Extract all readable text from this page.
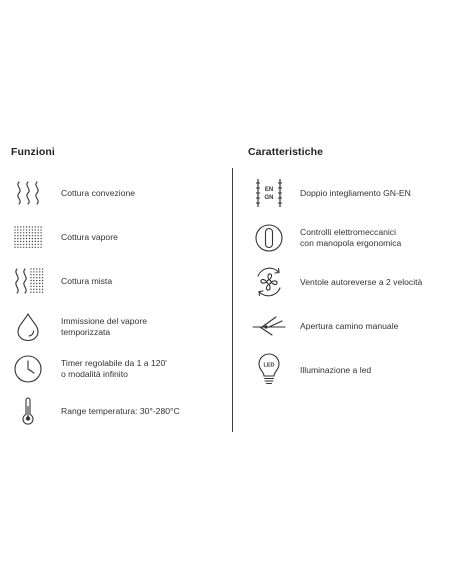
Funzioni	Caratteristiche
Cottura convezione
Cottura vapore
Cottura mista
Immissione del vapore
temporizzata
Timer regolabile da 1 a 120'
o modalità infinito
Range temperatura: 30°-280°C
EN
GN
Doppio integliamento GN-EN
Controlli elettromeccanici
con manopola ergonomica
Ventole autoreverse a 2 velocità
Apertura camino manuale
LED	Illuminazione a led
